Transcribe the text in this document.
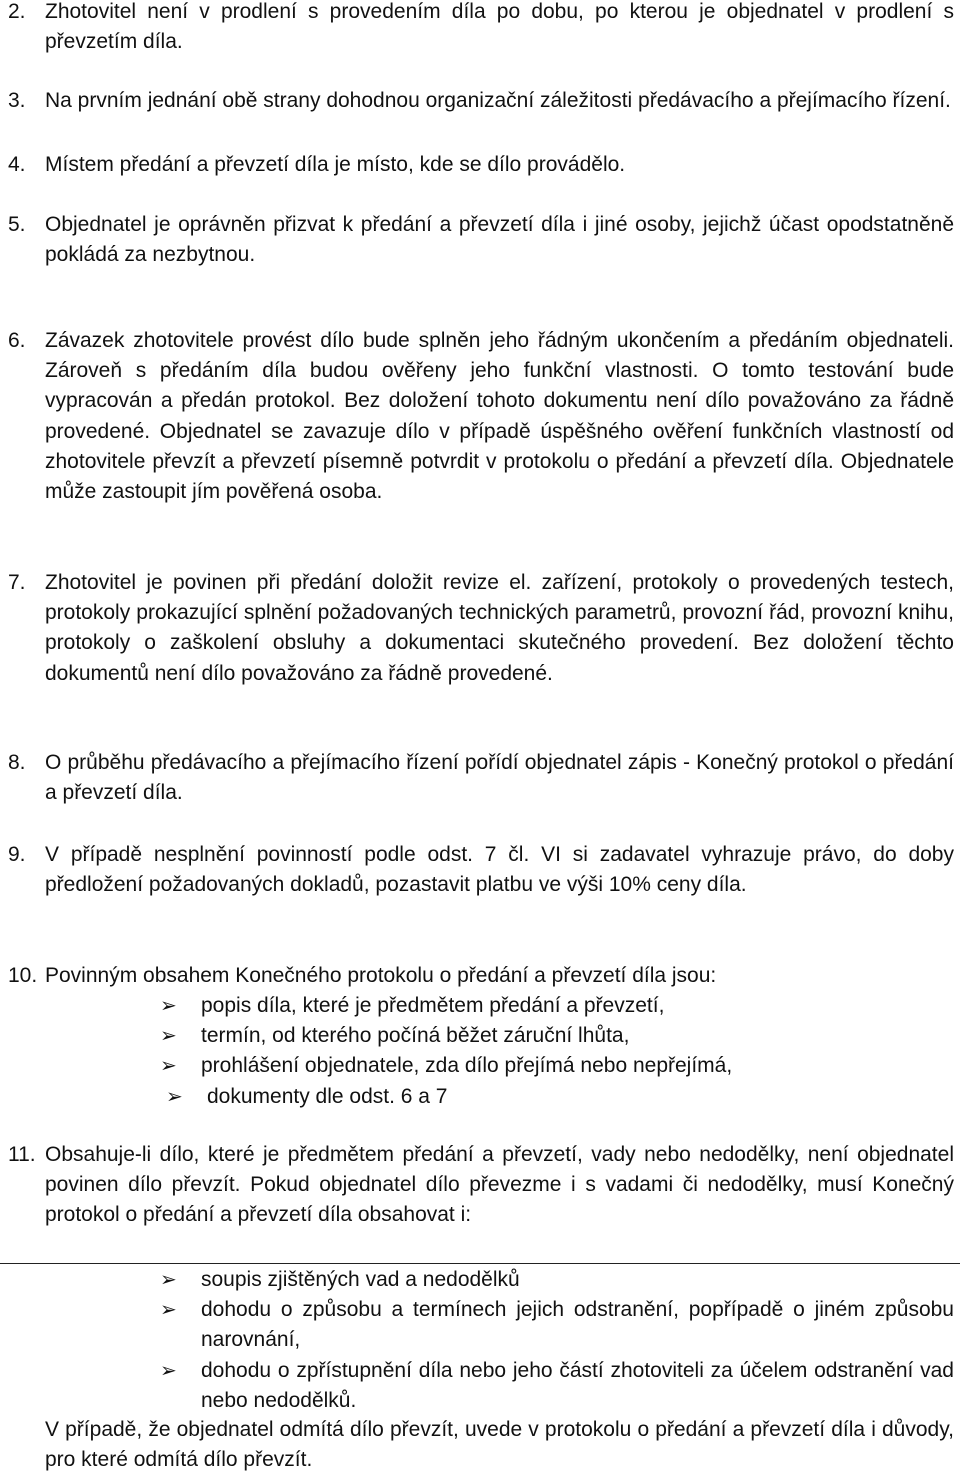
2. Zhotovitel není v prodlení s provedením díla po dobu, po kterou je objednatel v prodlení s převzetím díla.
3. Na prvním jednání obě strany dohodnou organizační záležitosti předávacího a přejímacího řízení.
4. Místem předání a převzetí díla je místo, kde se dílo provádělo.
5. Objednatel je oprávněn přizvat k předání a převzetí díla i jiné osoby, jejichž účast opodstatněně pokládá za nezbytnou.
6. Závazek zhotovitele provést dílo bude splněn jeho řádným ukončením a předáním objednateli. Zároveň s předáním díla budou ověřeny jeho funkční vlastnosti. O tomto testování bude vypracován a předán protokol. Bez doložení tohoto dokumentu není dílo považováno za řádně provedené. Objednatel se zavazuje dílo v případě úspěšného ověření funkčních vlastností od zhotovitele převzít a převzetí písemně potvrdit v protokolu o předání a převzetí díla. Objednatele může zastoupit jím pověřená osoba.
7. Zhotovitel je povinen při předání doložit revize el. zařízení, protokoly o provedených testech, protokoly prokazující splnění požadovaných technických parametrů, provozní řád, provozní knihu, protokoly o zaškolení obsluhy a dokumentaci skutečného provedení. Bez doložení těchto dokumentů není dílo považováno za řádně provedené.
8. O průběhu předávacího a přejímacího řízení pořídí objednatel zápis - Konečný protokol o předání a převzetí díla.
9. V případě nesplnění povinností podle odst. 7 čl. VI si zadavatel vyhrazuje právo, do doby předložení požadovaných dokladů, pozastavit platbu ve výši 10% ceny díla.
10. Povinným obsahem Konečného protokolu o předání a převzetí díla jsou:
➢ popis díla, které je předmětem předání a převzetí,
➢ termín, od kterého počíná běžet záruční lhůta,
➢ prohlášení objednatele, zda dílo přejímá nebo nepřejímá,
➢ dokumenty dle odst. 6 a 7
11. Obsahuje-li dílo, které je předmětem předání a převzetí, vady nebo nedodělky, není objednatel povinen dílo převzít. Pokud objednatel dílo převezme i s vadami či nedodělky, musí Konečný protokol o předání a převzetí díla obsahovat i:
➢ soupis zjištěných vad a nedodělků
➢ dohodu o způsobu a termínech jejich odstranění, popřípadě o jiném způsobu narovnání,
➢ dohodu o zpřístupnění díla nebo jeho částí zhotoviteli za účelem odstranění vad nebo nedodělků.
V případě, že objednatel odmítá dílo převzít, uvede v protokolu o předání a převzetí díla i důvody, pro které odmítá dílo převzít.
